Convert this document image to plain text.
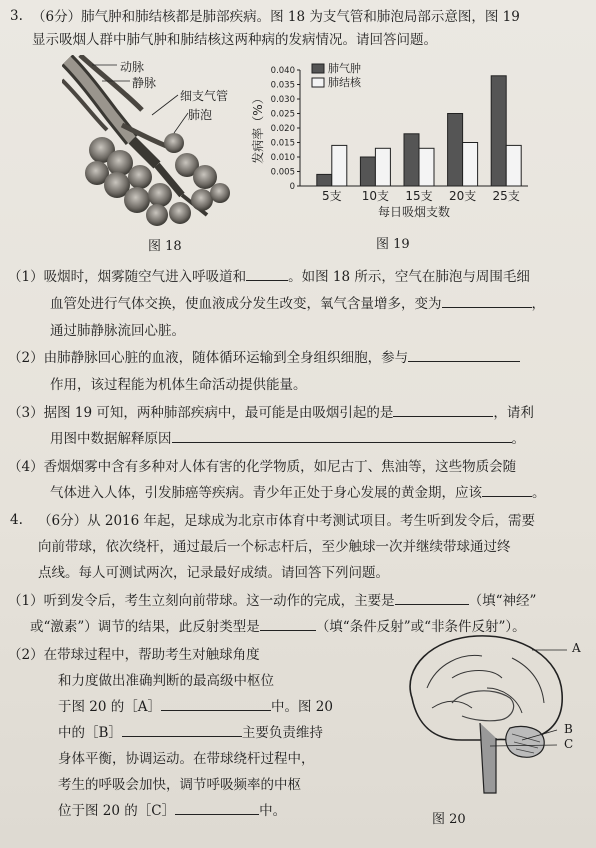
3. （6分）肺气肿和肺结核都是肺部疾病。图 18 为支气管和肺泡局部示意图，图 19
显示吸烟人群中肺气肿和肺结核这两种病的发病情况。请回答问题。
动脉
静脉
细支气管
肺泡
图 18
0
0.005
0.010
0.015
0.020
0.025
0.030
0.035
0.040
发病率（%）
5支 10支 15支 20支 25支
每日吸烟支数
肺气肿
肺结核
图 19
（1）吸烟时，烟雾随空气进入呼吸道和	。如图 18 所示，空气在肺泡与周围毛细
血管处进行气体交换，使血液成分发生改变，氧气含量增多，变为	，
通过肺静脉流回心脏。
（2）由肺静脉回心脏的血液，随体循环运输到全身组织细胞，参与
作用，该过程能为机体生命活动提供能量。
（3）据图 19 可知，两种肺部疾病中，最可能是由吸烟引起的是	，请利
用图中数据解释原因	。
（4）香烟烟雾中含有多种对人体有害的化学物质，如尼古丁、焦油等，这些物质会随
气体进入人体，引发肺癌等疾病。青少年正处于身心发展的黄金期，应该	。
4. （6分）从 2016 年起，足球成为北京市体育中考测试项目。考生听到发令后，需要
向前带球，依次绕杆，通过最后一个标志杆后，至少触球一次并继续带球通过终
点线。每人可测试两次，记录最好成绩。请回答下列问题。
（1）听到发令后，考生立刻向前带球。这一动作的完成，主要是	（填“神经”
或“激素”）调节的结果，此反射类型是	（填“条件反射”或“非条件反射”）。
（2）在带球过程中，帮助考生对触球角度
和力度做出准确判断的最高级中枢位
于图 20 的［A］	中。图 20
中的［B］	主要负责维持
身体平衡，协调运动。在带球绕杆过程中，
考生的呼吸会加快，调节呼吸频率的中枢
位于图 20 的［C］	中。
A
B
C
图 20
